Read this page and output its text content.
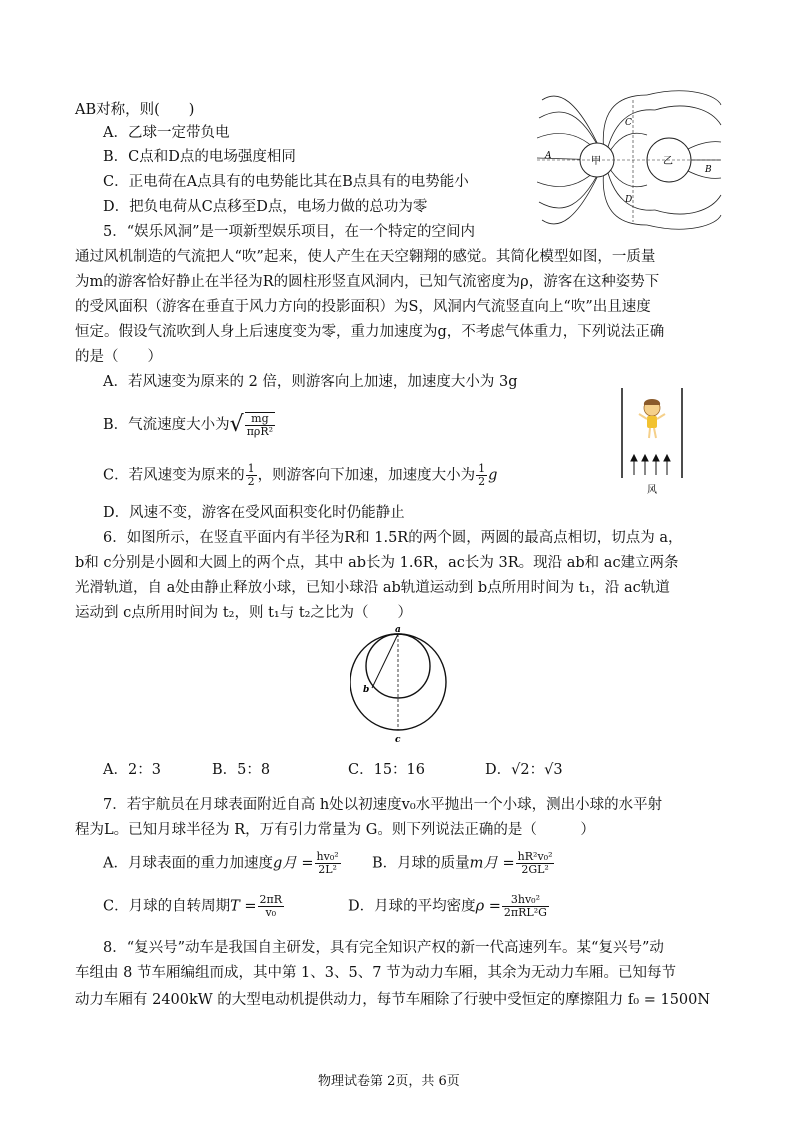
AB对称，则(　　)
A．乙球一定带负电
B．C点和D点的电场强度相同
C．正电荷在A点具有的电势能比其在B点具有的电势能小
D．把负电荷从C点移至D点，电场力做的总功为零
甲	乙
A
B
C
D
5．“娱乐风洞”是一项新型娱乐项目，在一个特定的空间内
通过风机制造的气流把人“吹”起来，使人产生在天空翱翔的感觉。其简化模型如图，一质量
为m的游客恰好静止在半径为R的圆柱形竖直风洞内，已知气流密度为ρ，游客在这种姿势下
的受风面积（游客在垂直于风力方向的投影面积）为S，风洞内气流竖直向上“吹”出且速度
恒定。假设气流吹到人身上后速度变为零，重力加速度为g，不考虑气体重力，下列说法正确
的是（　　）
A．若风速变为原来的 2 倍，则游客向上加速，加速度大小为 3g
B．气流速度大小为√ $\frac{mg}{\text{πρR²}}$
C．若风速变为原来的 $\frac{1}{2}$ ，则游客向下加速，加速度大小为 $\frac{1}{2}$ g
D．风速不变，游客在受风面积变化时仍能静止
风
6．如图所示，在竖直平面内有半径为R和 1.5R的两个圆，两圆的最高点相切，切点为 a，
b和 c分别是小圆和大圆上的两个点，其中 ab长为 1.6R，ac长为 3R。现沿 ab和 ac建立两条
光滑轨道，自 a处由静止释放小球，已知小球沿 ab轨道运动到 b点所用时间为 t₁，沿 ac轨道
运动到 c点所用时间为 t₂，则 t₁与 t₂之比为（　　）
a
b
c
A．2：3	B．5：8	C．15：16	D．√2：√3
7．若宇航员在月球表面附近自高 h处以初速度v₀水平抛出一个小球，测出小球的水平射
程为L。已知月球半径为 R，万有引力常量为 G。则下列说法正确的是（　　　）
A．月球表面的重力加速度g月 = $\frac{\text{hv₀²}}{\text{2L²}}$ B．月球的质量m月 = $\frac{\text{hR²v₀²}}{\text{2GL²}}$
C．月球的自转周期$T = \frac{2\pi R}{\text{v₀}}$	D．月球的平均密度$\rho = \frac{\text{3hv₀²}}{\text{2πRL²G}}$
8．“复兴号”动车是我国自主研发，具有完全知识产权的新一代高速列车。某“复兴号”动
车组由 8 节车厢编组而成，其中第 1、3、5、7 节为动力车厢，其余为无动力车厢。已知每节
动力车厢有 2400kW 的大型电动机提供动力，每节车厢除了行驶中受恒定的摩擦阻力 f₀ = 1500N
物理试卷第 2页，共 6页
